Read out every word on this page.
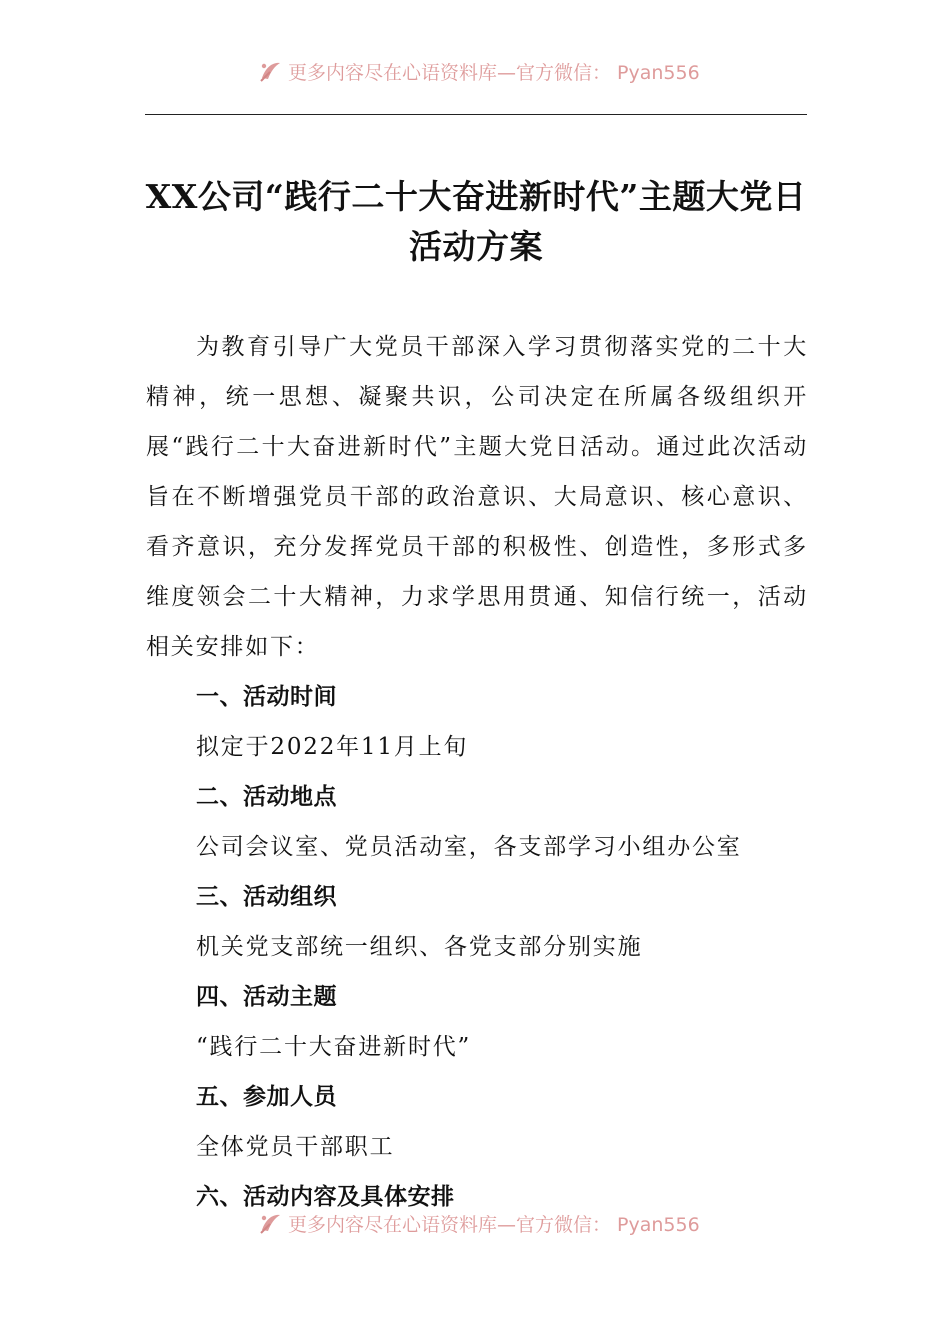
更多内容尽在心语资料库—官方微信： Pyan556
XX公司“践行二十大奋进新时代”主题大党日活动方案

为教育引导广大党员干部深入学习贯彻落实党的二十大精神，统一思想、凝聚共识，公司决定在所属各级组织开展“践行二十大奋进新时代”主题大党日活动。通过此次活动旨在不断增强党员干部的政治意识、大局意识、核心意识、看齐意识，充分发挥党员干部的积极性、创造性，多形式多维度领会二十大精神，力求学思用贯通、知信行统一，活动相关安排如下：

一、活动时间

拟定于2022年11月上旬

二、活动地点

公司会议室、党员活动室，各支部学习小组办公室

三、活动组织

机关党支部统一组织、各党支部分别实施

四、活动主题

“践行二十大奋进新时代”

五、参加人员

全体党员干部职工

六、活动内容及具体安排

更多内容尽在心语资料库—官方微信： Pyan556
